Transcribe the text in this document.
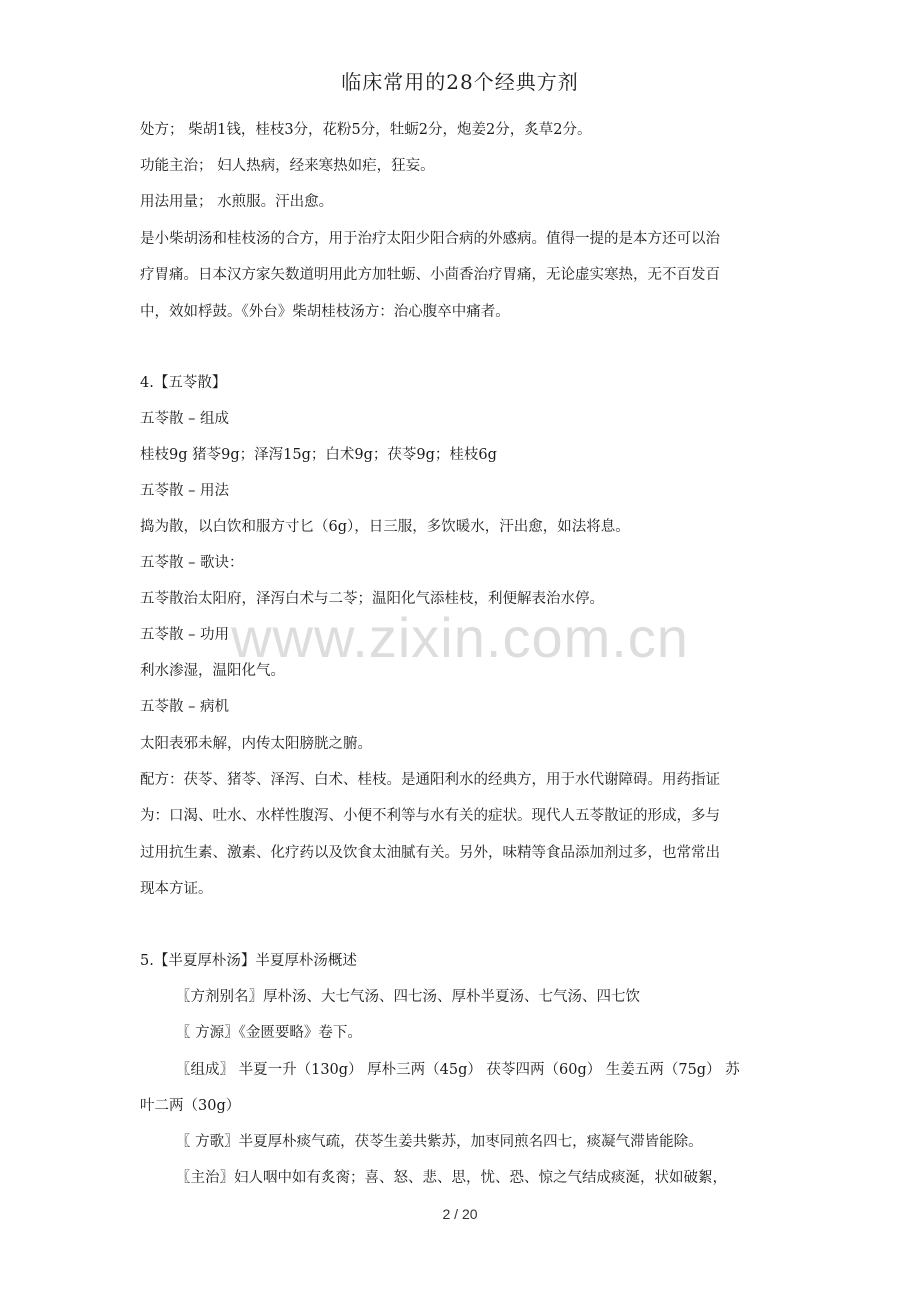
临床常用的28个经典方剂
处方； 柴胡1钱，桂枝3分，花粉5分，牡蛎2分，炮姜2分，炙草2分。
功能主治； 妇人热病，经来寒热如疟，狂妄。
用法用量； 水煎服。汗出愈。
是小柴胡汤和桂枝汤的合方，用于治疗太阳少阳合病的外感病。值得一提的是本方还可以治
疗胃痛。日本汉方家矢数道明用此方加牡蛎、小茴香治疗胃痛，无论虚实寒热，无不百发百
中，效如桴鼓。《外台》柴胡桂枝汤方：治心腹卒中痛者。
4.【五苓散】
五苓散 – 组成
桂枝9g 猪苓9g；泽泻15g；白术9g；茯苓9g；桂枝6g
五苓散 – 用法
捣为散，以白饮和服方寸匕（6g），日三服，多饮暖水，汗出愈，如法将息。
五苓散 – 歌诀：
五苓散治太阳府，泽泻白术与二苓；温阳化气添桂枝，利便解表治水停。
五苓散 – 功用
利水渗湿，温阳化气。
五苓散 – 病机
太阳表邪未解，内传太阳膀胱之腑。
配方：茯苓、猪苓、泽泻、白术、桂枝。是通阳利水的经典方，用于水代谢障碍。用药指证
为：口渴、吐水、水样性腹泻、小便不利等与水有关的症状。现代人五苓散证的形成，多与
过用抗生素、激素、化疗药以及饮食太油腻有关。另外，味精等食品添加剂过多，也常常出
现本方证。
5.【半夏厚朴汤】半夏厚朴汤概述
〖方剂别名〗厚朴汤、大七气汤、四七汤、厚朴半夏汤、七气汤、四七饮
〖 方源〗《金匮要略》卷下。
〖组成〗 半夏一升（130g） 厚朴三两（45g） 茯苓四两（60g） 生姜五两（75g） 苏
叶二两（30g）
〖 方歌〗半夏厚朴痰气疏，茯苓生姜共紫苏，加枣同煎名四七，痰凝气滞皆能除。
〖主治〗妇人咽中如有炙脔；喜、怒、悲、思，忧、恐、惊之气结成痰涎，状如破絮，
www.zixin.com.cn
2 / 20
